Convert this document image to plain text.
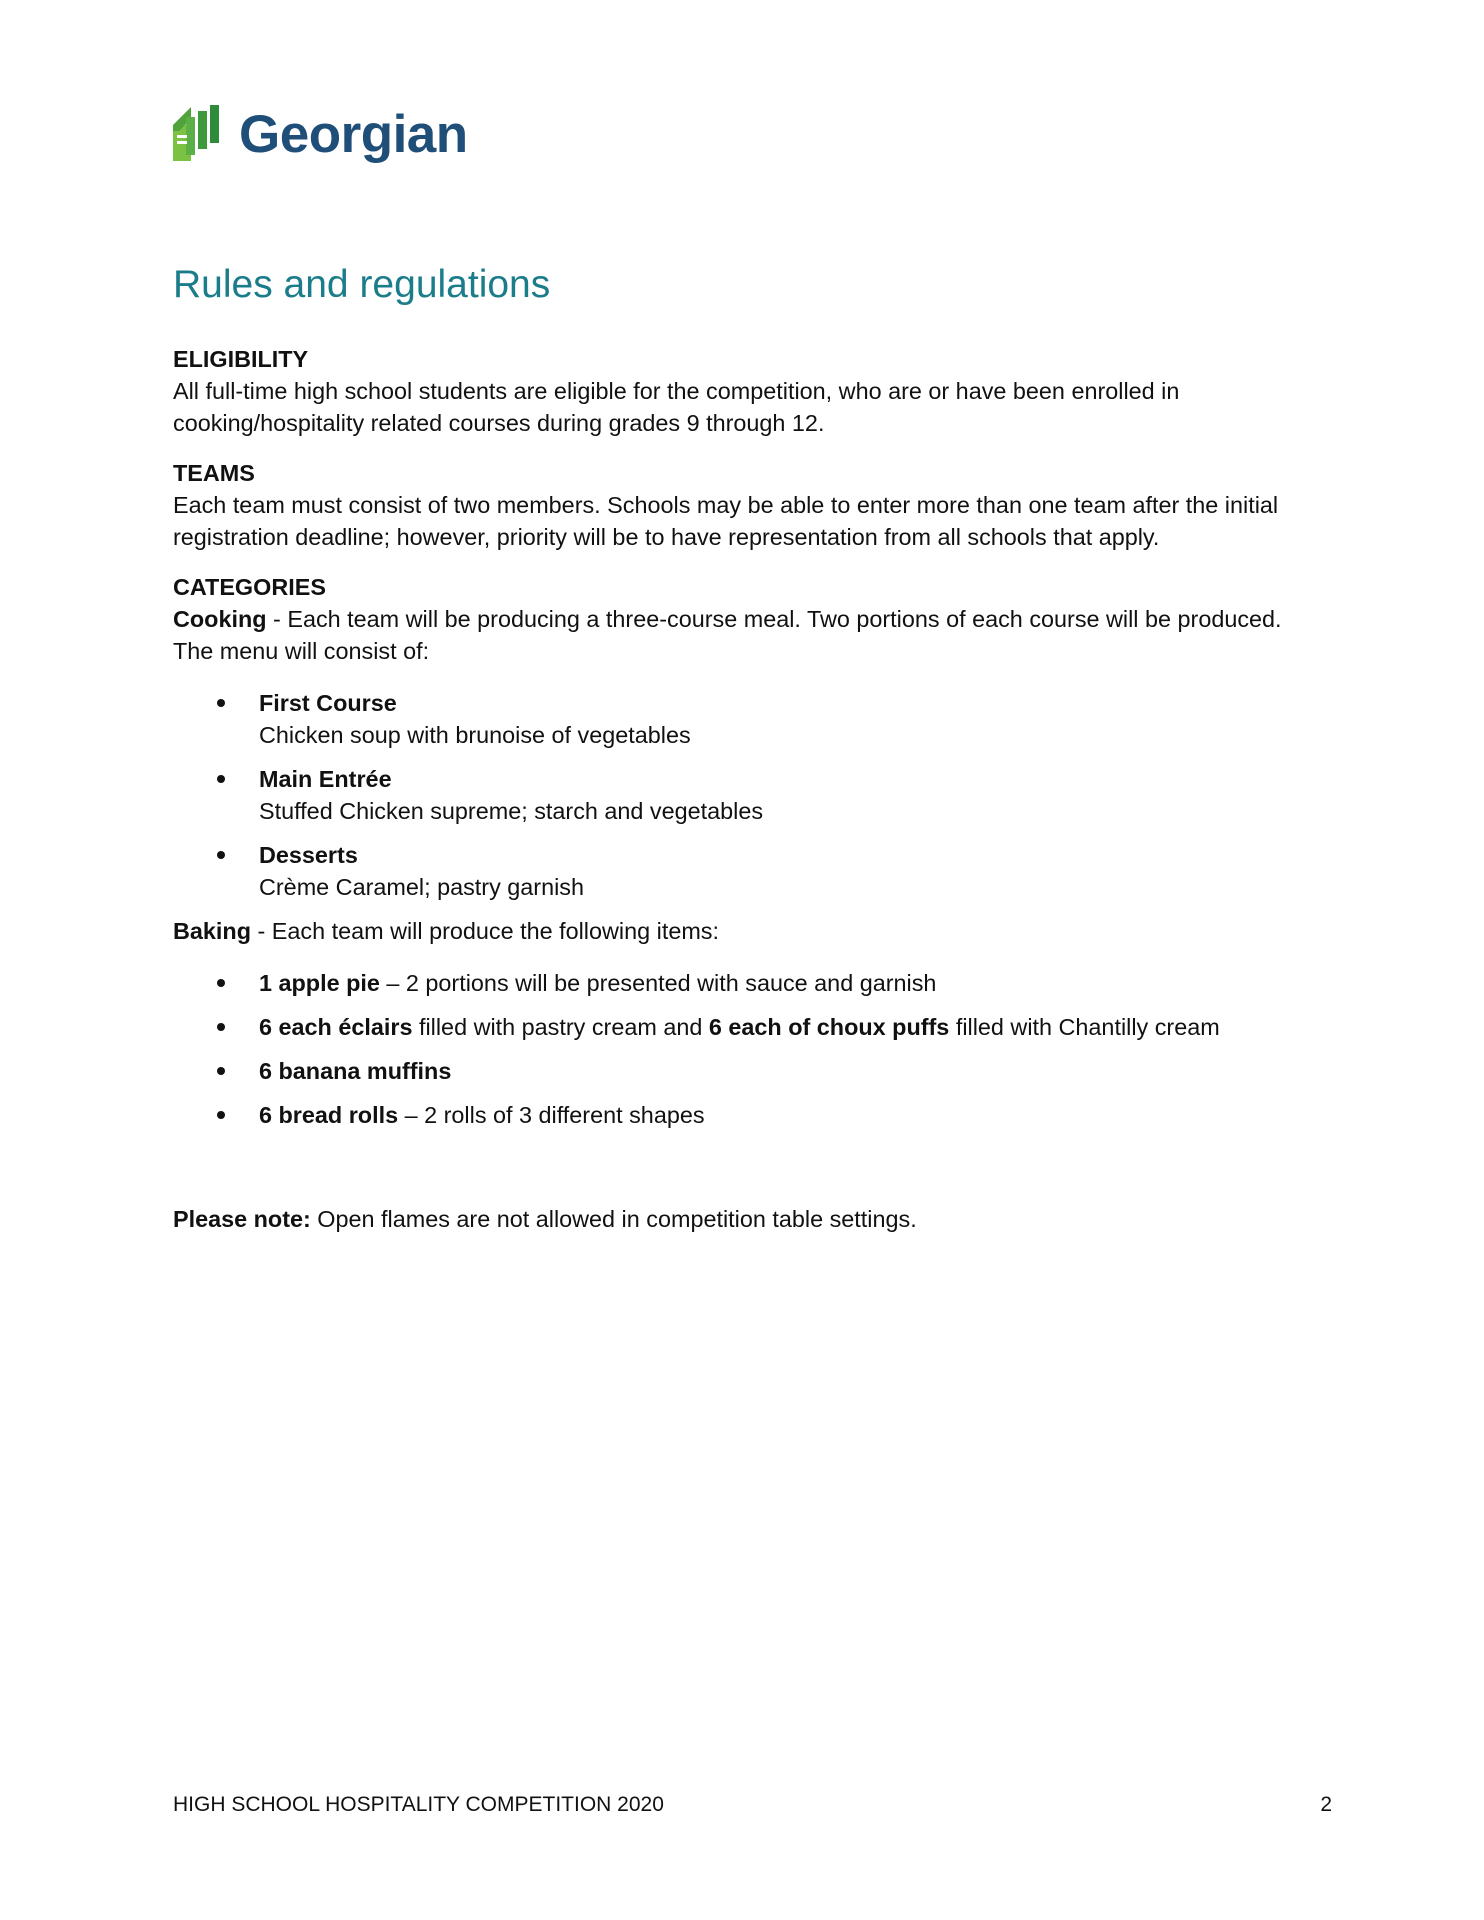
Georgian
Rules and regulations

ELIGIBILITY

All full-time high school students are eligible for the competition, who are or have been enrolled in cooking/hospitality related courses during grades 9 through 12.

TEAMS

Each team must consist of two members. Schools may be able to enter more than one team after the initial registration deadline; however, priority will be to have representation from all schools that apply.

CATEGORIES

Cooking - Each team will be producing a three-course meal. Two portions of each course will be produced. The menu will consist of:

First Course
Chicken soup with brunoise of vegetables
Main Entrée
Stuffed Chicken supreme; starch and vegetables
Desserts
Crème Caramel; pastry garnish

Baking - Each team will produce the following items:

1 apple pie – 2 portions will be presented with sauce and garnish
6 each éclairs filled with pastry cream and 6 each of choux puffs filled with Chantilly cream
6 banana muffins
6 bread rolls – 2 rolls of 3 different shapes

Please note: Open flames are not allowed in competition table settings.

HIGH SCHOOL HOSPITALITY COMPETITION 2020	2
